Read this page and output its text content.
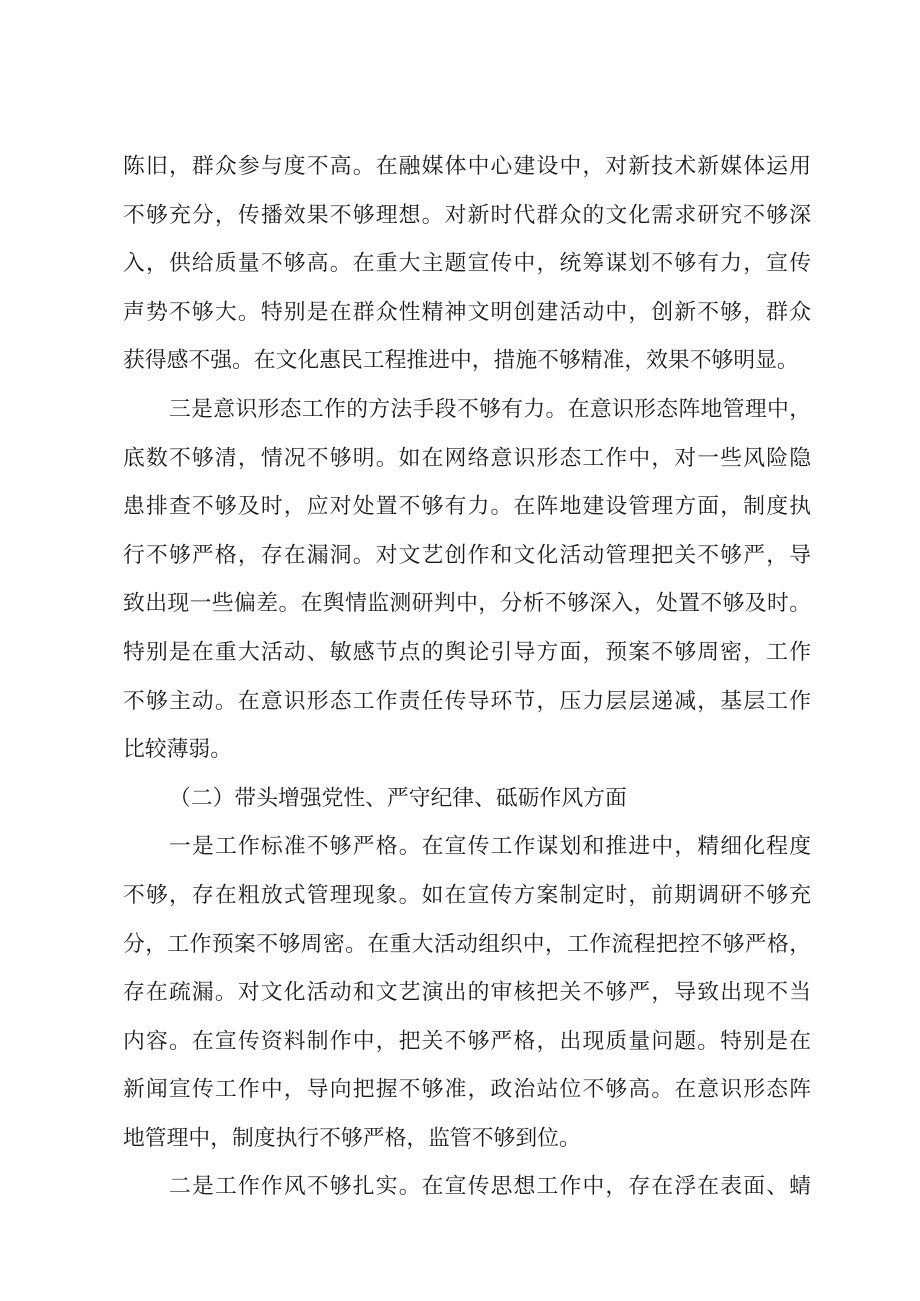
陈旧，群众参与度不高。在融媒体中心建设中，对新技术新媒体运用
不够充分，传播效果不够理想。对新时代群众的文化需求研究不够深
入，供给质量不够高。在重大主题宣传中，统筹谋划不够有力，宣传
声势不够大。特别是在群众性精神文明创建活动中，创新不够，群众
获得感不强。在文化惠民工程推进中，措施不够精准，效果不够明显。
三是意识形态工作的方法手段不够有力。在意识形态阵地管理中，
底数不够清，情况不够明。如在网络意识形态工作中，对一些风险隐
患排查不够及时，应对处置不够有力。在阵地建设管理方面，制度执
行不够严格，存在漏洞。对文艺创作和文化活动管理把关不够严，导
致出现一些偏差。在舆情监测研判中，分析不够深入，处置不够及时。
特别是在重大活动、敏感节点的舆论引导方面，预案不够周密，工作
不够主动。在意识形态工作责任传导环节，压力层层递减，基层工作
比较薄弱。
（二）带头增强党性、严守纪律、砥砺作风方面
一是工作标准不够严格。在宣传工作谋划和推进中，精细化程度
不够，存在粗放式管理现象。如在宣传方案制定时，前期调研不够充
分，工作预案不够周密。在重大活动组织中，工作流程把控不够严格，
存在疏漏。对文化活动和文艺演出的审核把关不够严，导致出现不当
内容。在宣传资料制作中，把关不够严格，出现质量问题。特别是在
新闻宣传工作中，导向把握不够准，政治站位不够高。在意识形态阵
地管理中，制度执行不够严格，监管不够到位。
二是工作作风不够扎实。在宣传思想工作中，存在浮在表面、蜻
